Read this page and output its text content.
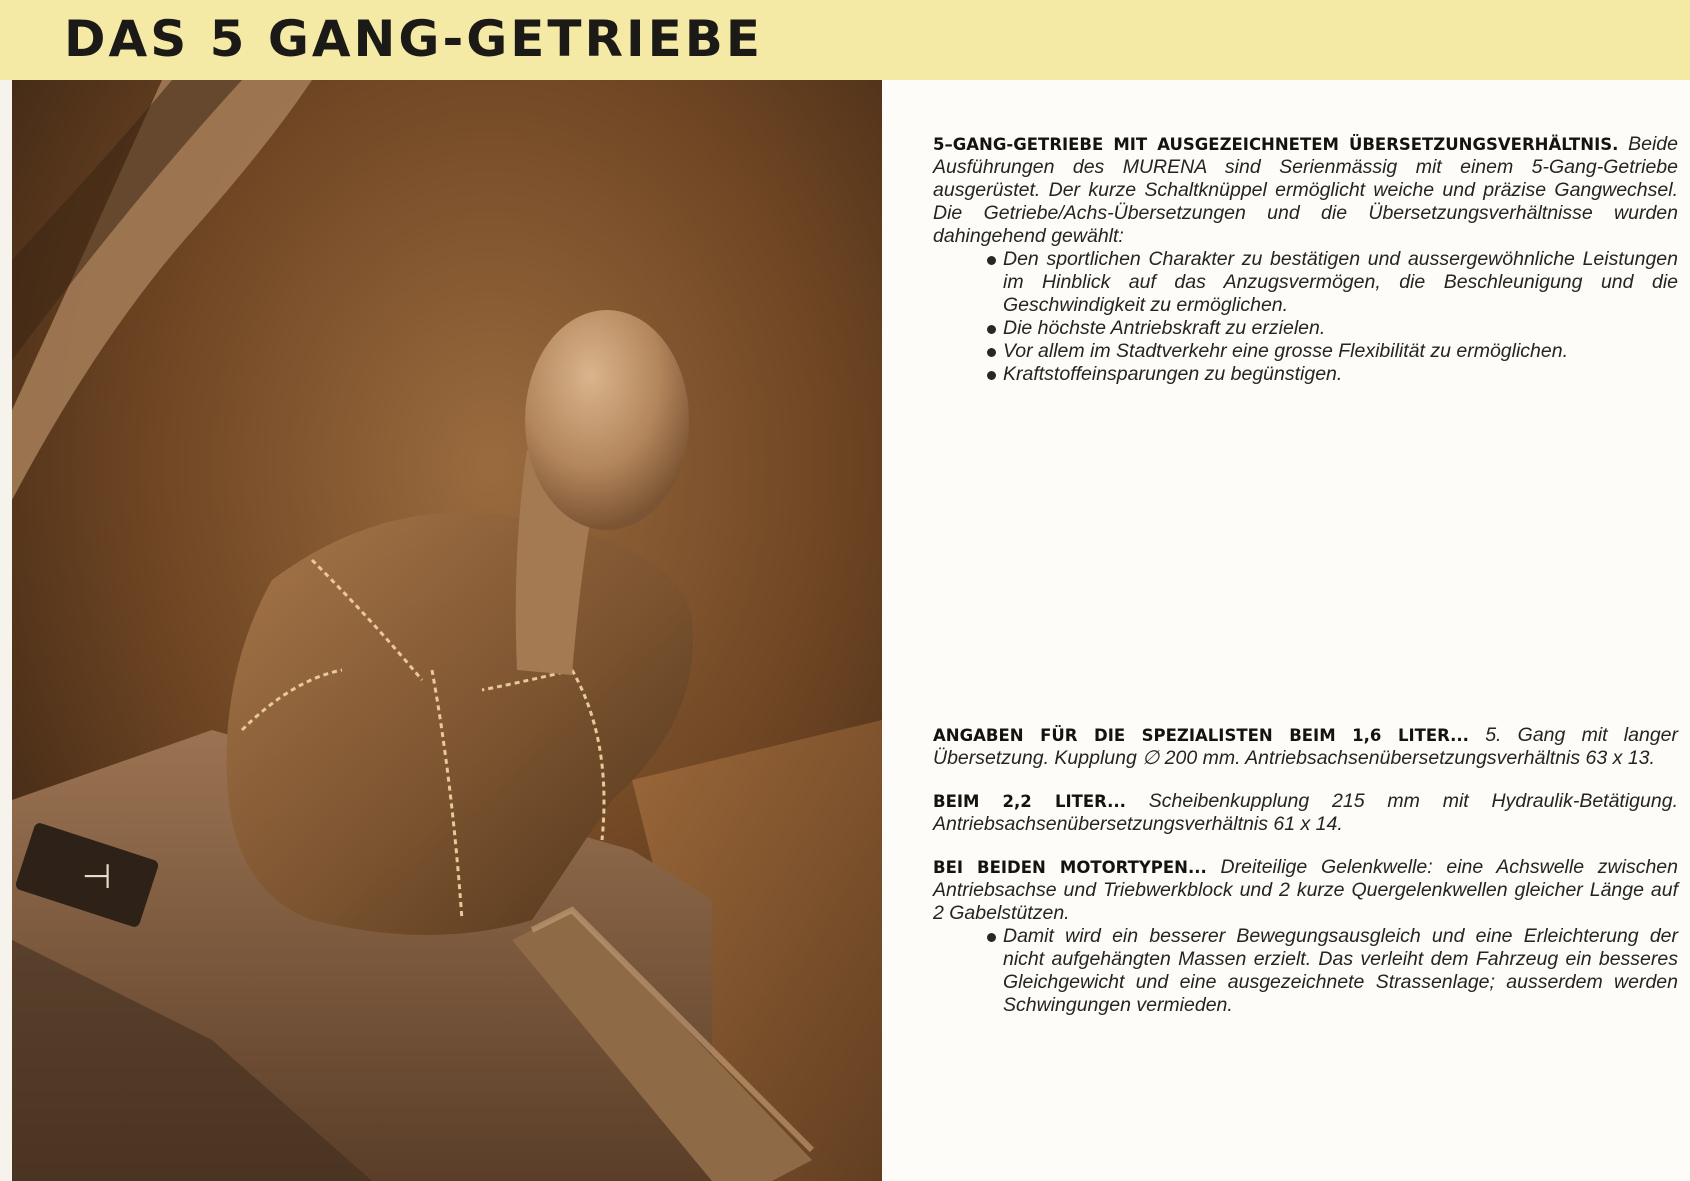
DAS 5 GANG-GETRIEBE
⊣

5–GANG-GETRIEBE MIT AUSGEZEICHNETEM ÜBERSETZUNGSVERHÄLTNIS. Beide Ausführungen des MURENA sind Serienmässig mit einem 5-Gang-Getriebe ausgerüstet. Der kurze Schaltknüppel ermöglicht weiche und präzise Gangwechsel. Die Getriebe/Achs-Übersetzungen und die Übersetzungsverhältnisse wurden dahingehend gewählt:

Den sportlichen Charakter zu bestätigen und aussergewöhnliche Leistungen im Hinblick auf das Anzugsvermögen, die Beschleunigung und die Geschwindigkeit zu ermöglichen.
Die höchste Antriebskraft zu erzielen.
Vor allem im Stadtverkehr eine grosse Flexibilität zu ermöglichen.
Kraftstoffeinsparungen zu begünstigen.

ANGABEN FÜR DIE SPEZIALISTEN BEIM 1,6 LITER... 5. Gang mit langer Übersetzung. Kupplung ∅ 200 mm. Antriebsachsenübersetzungsverhältnis 63 x 13.

BEIM 2,2 LITER... Scheibenkupplung 215 mm mit Hydraulik-Betätigung. Antriebsachsenübersetzungsverhältnis 61 x 14.

BEI BEIDEN MOTORTYPEN... Dreiteilige Gelenkwelle: eine Achswelle zwischen Antriebsachse und Triebwerkblock und 2 kurze Quergelenkwellen gleicher Länge auf 2 Gabelstützen.

Damit wird ein besserer Bewegungsausgleich und eine Erleichterung der nicht aufgehängten Massen erzielt. Das verleiht dem Fahrzeug ein besseres Gleichgewicht und eine ausgezeichnete Strassenlage; ausserdem werden Schwingungen vermieden.
